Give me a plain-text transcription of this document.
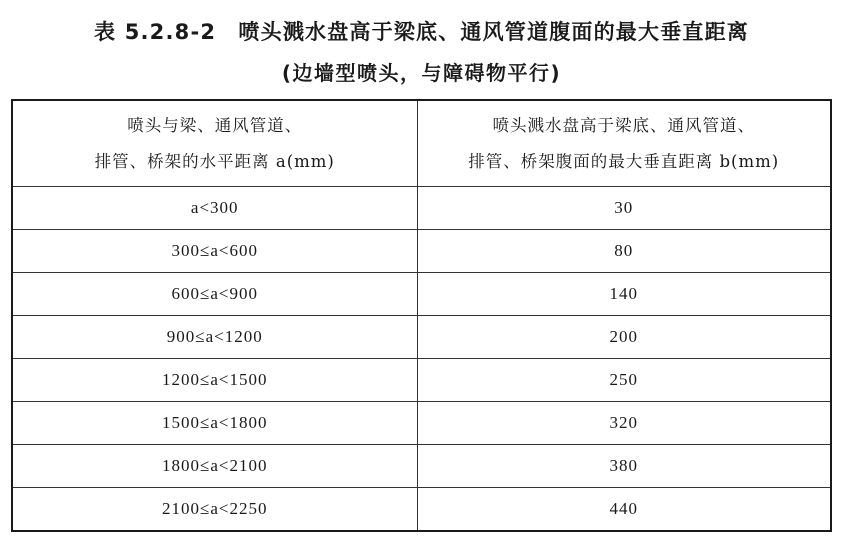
表 5.2.8-2　喷头溅水盘高于梁底、通风管道腹面的最大垂直距离
(边墙型喷头，与障碍物平行)
喷头与梁、通风管道、
排管、桥架的水平距离 a(mm)	喷头溅水盘高于梁底、通风管道、
排管、桥架腹面的最大垂直距离 b(mm)

a<300	30
300≤a<600	80
600≤a<900	140
900≤a<1200	200
1200≤a<1500	250
1500≤a<1800	320
1800≤a<2100	380
2100≤a<2250	440
